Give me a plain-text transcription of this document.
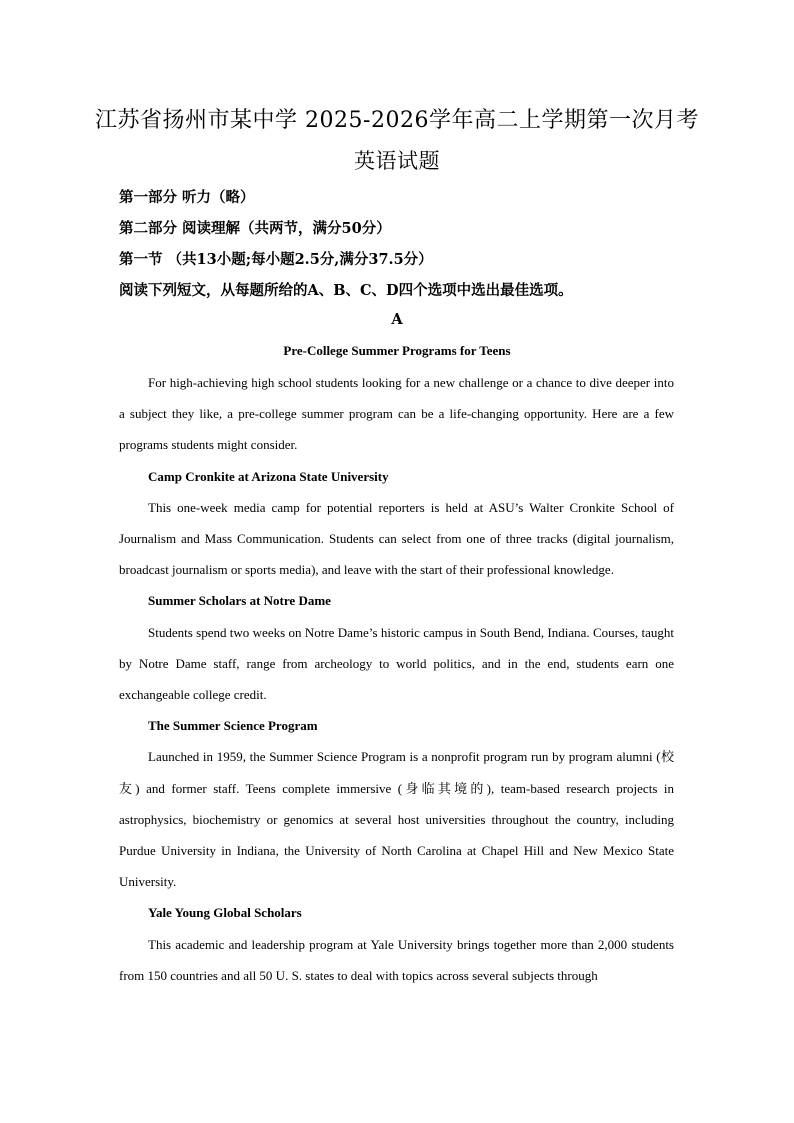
江苏省扬州市某中学 2025-2026学年高二上学期第一次月考
英语试题
第一部分 听力（略）
第二部分 阅读理解（共两节，满分50分）
第一节 （共13小题;每小题2.5分,满分37.5分）
阅读下列短文，从每题所给的A、B、C、D四个选项中选出最佳选项。
A
Pre-College Summer Programs for Teens

For high-achieving high school students looking for a new challenge or a chance to dive deeper into a subject they like, a pre-college summer program can be a life-changing opportunity. Here are a few programs students might consider.

Camp Cronkite at Arizona State University

This one-week media camp for potential reporters is held at ASU’s Walter Cronkite School of Journalism and Mass Communication. Students can select from one of three tracks (digital journalism, broadcast journalism or sports media), and leave with the start of their professional knowledge.

Summer Scholars at Notre Dame

Students spend two weeks on Notre Dame’s historic campus in South Bend, Indiana. Courses, taught by Notre Dame staff, range from archeology to world politics, and in the end, students earn one exchangeable college credit.

The Summer Science Program

Launched in 1959, the Summer Science Program is a nonprofit program run by program alumni (校友) and former staff. Teens complete immersive (身临其境的), team-based research projects in astrophysics, biochemistry or genomics at several host universities throughout the country, including Purdue University in Indiana, the University of North Carolina at Chapel Hill and New Mexico State University.

Yale Young Global Scholars

This academic and leadership program at Yale University brings together more than 2,000 students from 150 countries and all 50 U. S. states to deal with topics across several subjects through
